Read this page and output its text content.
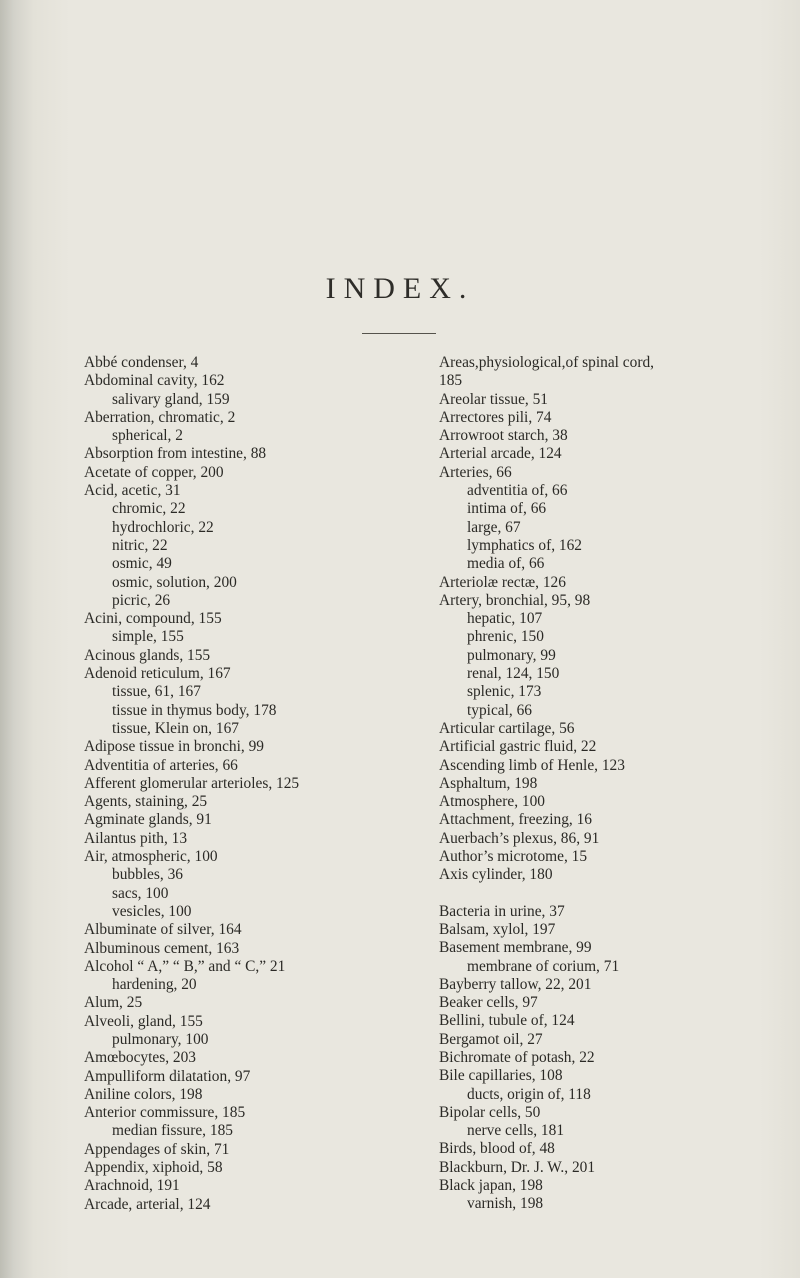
INDEX.
Abbé condenser, 4
Abdominal cavity, 162
salivary gland, 159
Aberration, chromatic, 2
spherical, 2
Absorption from intestine, 88
Acetate of copper, 200
Acid, acetic, 31
chromic, 22
hydrochloric, 22
nitric, 22
osmic, 49
osmic, solution, 200
picric, 26
Acini, compound, 155
simple, 155
Acinous glands, 155
Adenoid reticulum, 167
tissue, 61, 167
tissue in thymus body, 178
tissue, Klein on, 167
Adipose tissue in bronchi, 99
Adventitia of arteries, 66
Afferent glomerular arterioles, 125
Agents, staining, 25
Agminate glands, 91
Ailantus pith, 13
Air, atmospheric, 100
bubbles, 36
sacs, 100
vesicles, 100
Albuminate of silver, 164
Albuminous cement, 163
Alcohol “ A,” “ B,” and “ C,” 21
hardening, 20
Alum, 25
Alveoli, gland, 155
pulmonary, 100
Amœbocytes, 203
Ampulliform dilatation, 97
Aniline colors, 198
Anterior commissure, 185
median fissure, 185
Appendages of skin, 71
Appendix, xiphoid, 58
Arachnoid, 191
Arcade, arterial, 124
Areas,physiological,of spinal cord,
185
Areolar tissue, 51
Arrectores pili, 74
Arrowroot starch, 38
Arterial arcade, 124
Arteries, 66
adventitia of, 66
intima of, 66
large, 67
lymphatics of, 162
media of, 66
Arteriolæ rectæ, 126
Artery, bronchial, 95, 98
hepatic, 107
phrenic, 150
pulmonary, 99
renal, 124, 150
splenic, 173
typical, 66
Articular cartilage, 56
Artificial gastric fluid, 22
Ascending limb of Henle, 123
Asphaltum, 198
Atmosphere, 100
Attachment, freezing, 16
Auerbach’s plexus, 86, 91
Author’s microtome, 15
Axis cylinder, 180
Bacteria in urine, 37
Balsam, xylol, 197
Basement membrane, 99
membrane of corium, 71
Bayberry tallow, 22, 201
Beaker cells, 97
Bellini, tubule of, 124
Bergamot oil, 27
Bichromate of potash, 22
Bile capillaries, 108
ducts, origin of, 118
Bipolar cells, 50
nerve cells, 181
Birds, blood of, 48
Blackburn, Dr. J. W., 201
Black japan, 198
varnish, 198
